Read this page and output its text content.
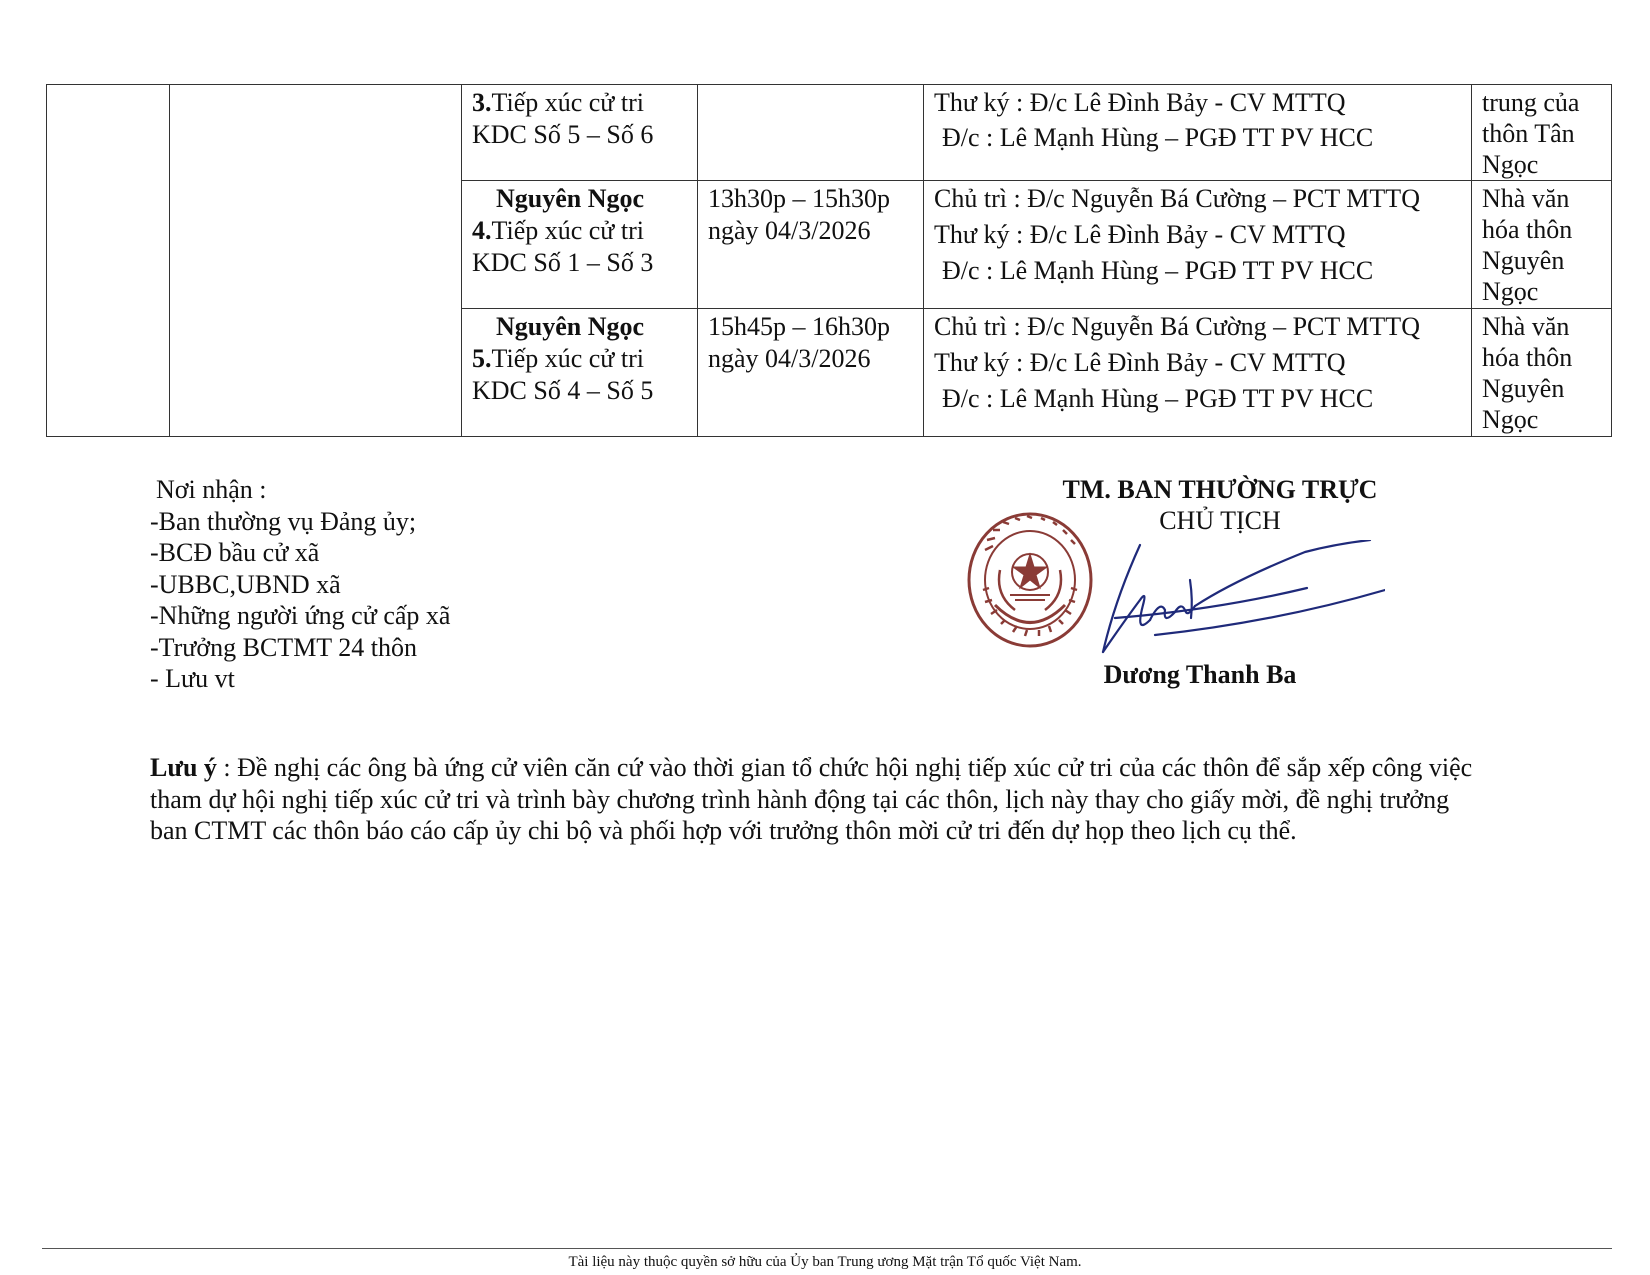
		3.Tiếp xúc cử tri KDC Số 5 – Số 6		Thư ký : Đ/c Lê Đình Bảy - CV MTTQ
Đ/c : Lê Mạnh Hùng – PGĐ TT PV HCC	trung của thôn Tân Ngọc

		Nguyên Ngọc
4.Tiếp xúc cử tri KDC Số 1 – Số 3	13h30p – 15h30p
ngày 04/3/2026	Chủ trì : Đ/c Nguyễn Bá Cường – PCT MTTQ
Thư ký : Đ/c Lê Đình Bảy - CV MTTQ
Đ/c : Lê Mạnh Hùng – PGĐ TT PV HCC	Nhà văn hóa thôn Nguyên Ngọc

		Nguyên Ngọc
5.Tiếp xúc cử tri KDC Số 4 – Số 5	15h45p – 16h30p
ngày 04/3/2026	Chủ trì : Đ/c Nguyễn Bá Cường – PCT MTTQ
Thư ký : Đ/c Lê Đình Bảy - CV MTTQ
Đ/c : Lê Mạnh Hùng – PGĐ TT PV HCC	Nhà văn hóa thôn Nguyên Ngọc
Nơi nhận :
-Ban thường vụ Đảng ủy;
-BCĐ bầu cử xã
-UBBC,UBND xã
-Những người ứng cử cấp xã
-Trưởng BCTMT 24 thôn
- Lưu vt
TM. BAN THƯỜNG TRỰC
CHỦ TỊCH
Dương Thanh Ba
Lưu ý : Đề nghị các ông bà ứng cử viên căn cứ vào thời gian tổ chức hội nghị tiếp xúc cử tri của các thôn để sắp xếp công việc tham dự hội nghị tiếp xúc cử tri và trình bày chương trình hành động tại các thôn, lịch này thay cho giấy mời, đề nghị trưởng ban CTMT các thôn báo cáo cấp ủy chi bộ và phối hợp với trưởng thôn mời cử tri đến dự họp theo lịch cụ thể.
Tài liệu này thuộc quyền sở hữu của Ủy ban Trung ương Mặt trận Tổ quốc Việt Nam.
